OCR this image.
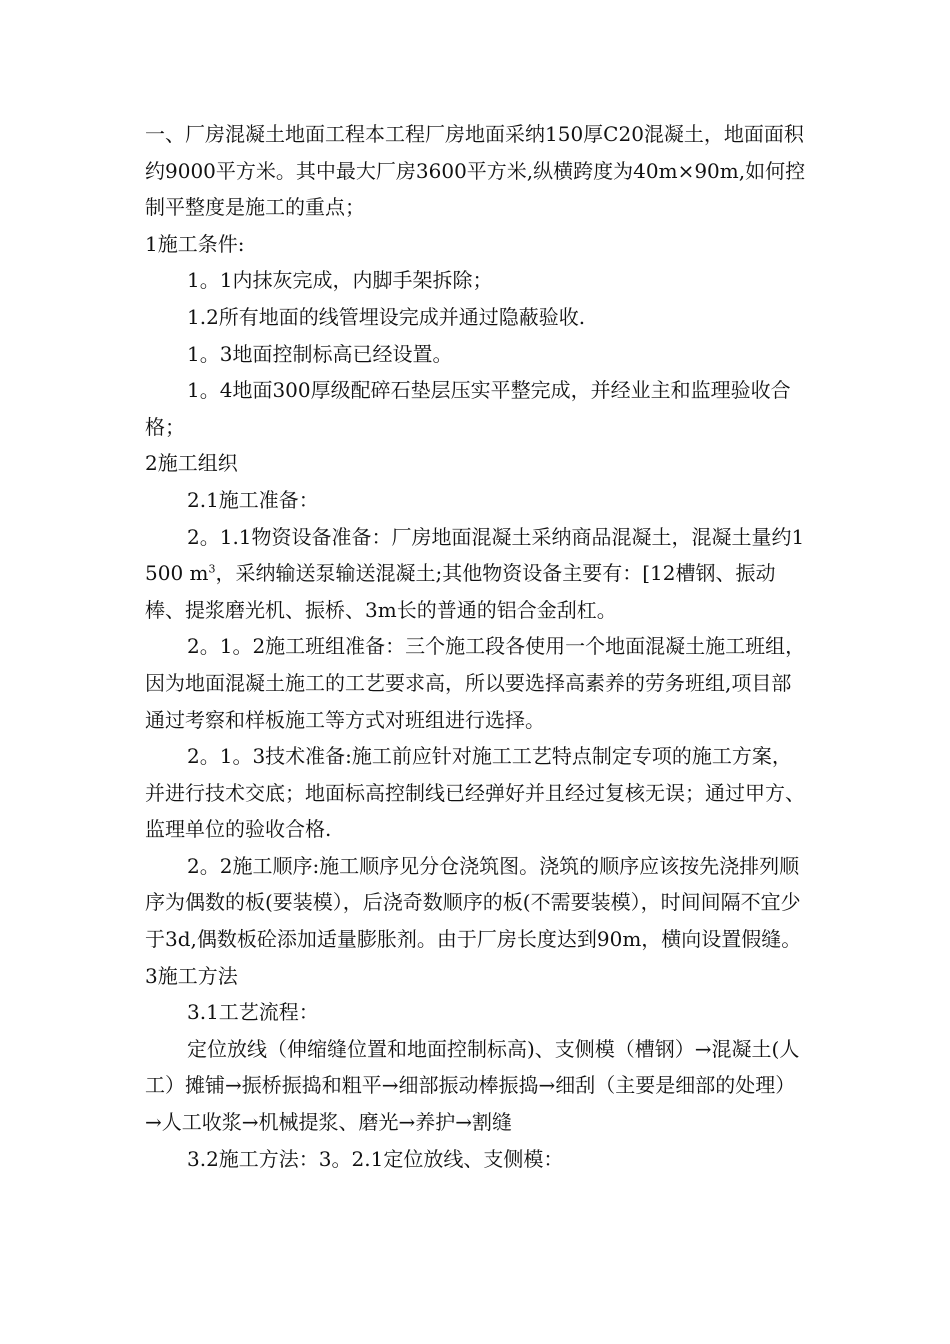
一、厂房混凝土地面工程本工程厂房地面采纳150厚C20混凝土，地面面积约9000平方米。其中最大厂房3600平方米,纵横跨度为40m×90m,如何控制平整度是施工的重点；

1施工条件:

1。1内抹灰完成，内脚手架拆除；

1.2所有地面的线管埋设完成并通过隐蔽验收.

1。3地面控制标高已经设置。

1。4地面300厚级配碎石垫层压实平整完成，并经业主和监理验收合格；

2施工组织

2.1施工准备：

2。1.1物资设备准备：厂房地面混凝土采纳商品混凝土，混凝土量约1500 $m^3$，采纳输送泵输送混凝土;其他物资设备主要有：[12槽钢、振动棒、提浆磨光机、振桥、3m长的普通的铝合金刮杠。

2。1。2施工班组准备：三个施工段各使用一个地面混凝土施工班组，因为地面混凝土施工的工艺要求高，所以要选择高素养的劳务班组,项目部通过考察和样板施工等方式对班组进行选择。

2。1。3技术准备:施工前应针对施工工艺特点制定专项的施工方案，并进行技术交底；地面标高控制线已经弹好并且经过复核无误；通过甲方、监理单位的验收合格.

2。2施工顺序:施工顺序见分仓浇筑图。浇筑的顺序应该按先浇排列顺序为偶数的板(要装模），后浇奇数顺序的板(不需要装模），时间间隔不宜少于3d,偶数板砼添加适量膨胀剂。由于厂房长度达到90m，横向设置假缝。

3施工方法

3.1工艺流程：

定位放线（伸缩缝位置和地面控制标高)、支侧模（槽钢）→混凝土(人工）摊铺→振桥振捣和粗平→细部振动棒振捣→细刮（主要是细部的处理）→人工收浆→机械提浆、磨光→养护→割缝

3.2施工方法：3。2.1定位放线、支侧模：
